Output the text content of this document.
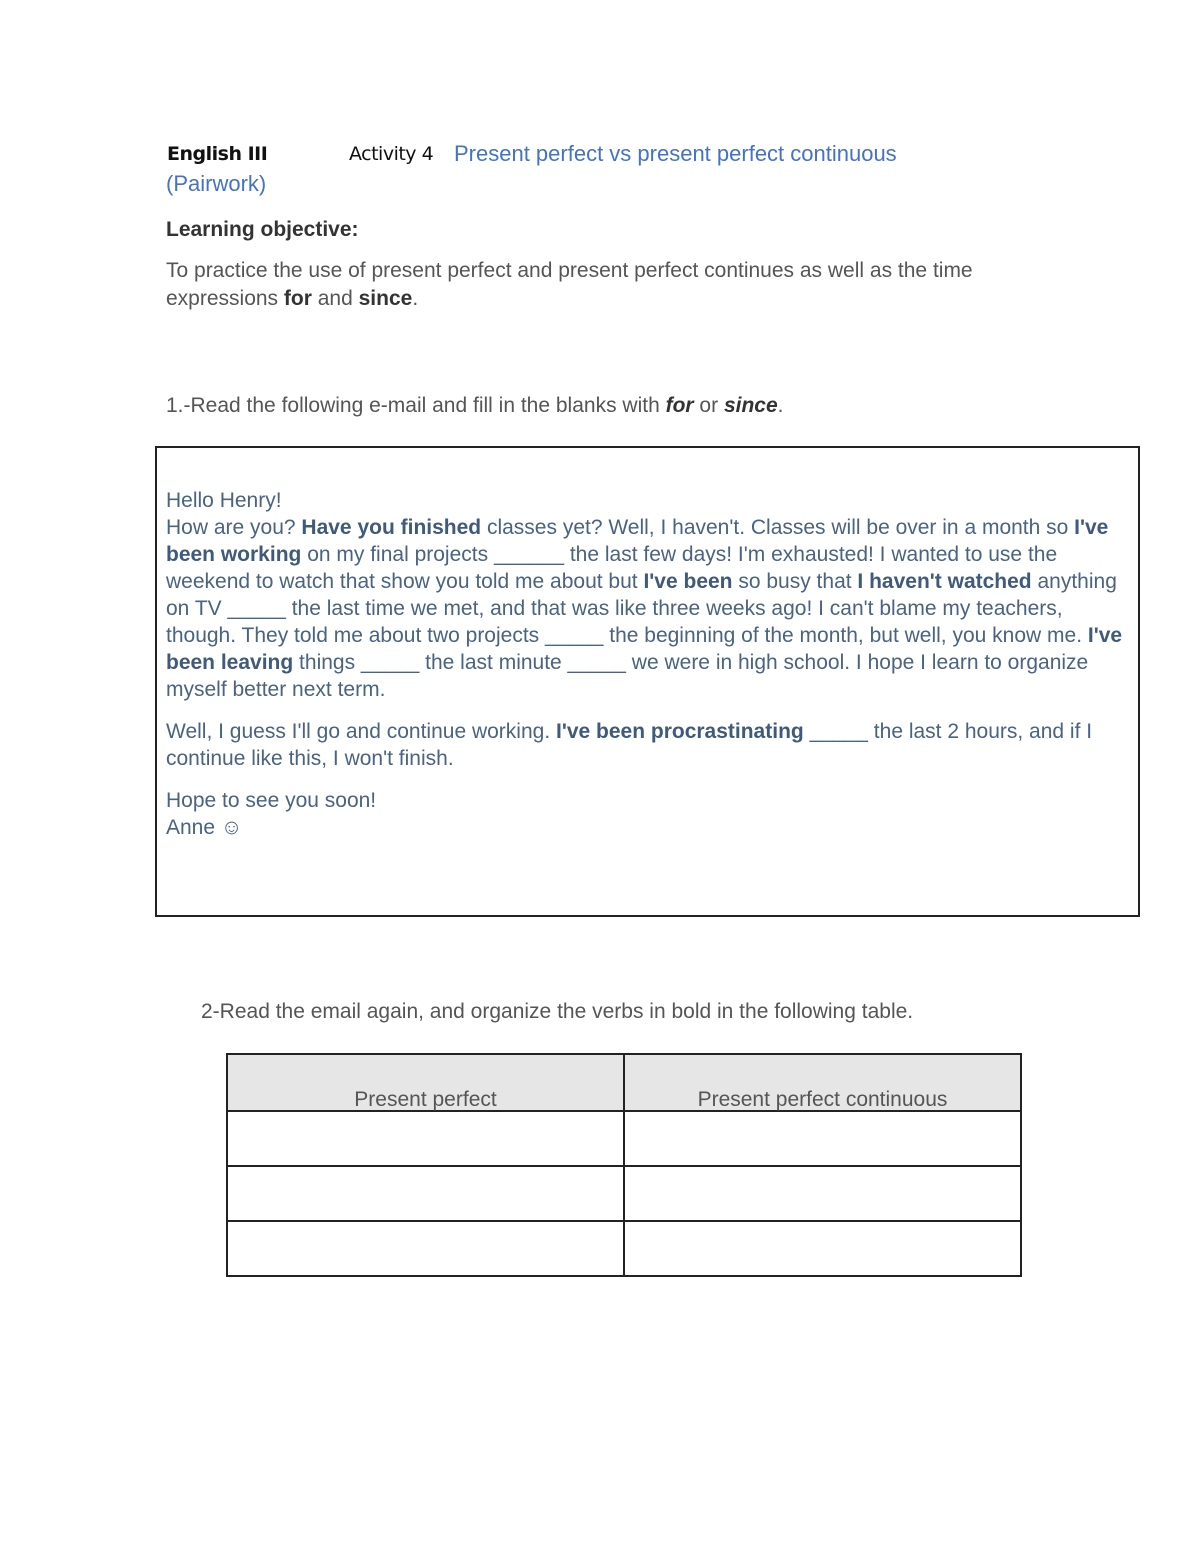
English III	Activity 4 Present perfect vs present perfect continuous
(Pairwork)
Learning objective:
To practice the use of present perfect and present perfect continues as well as the time expressions for and since.
1.-Read the following e-mail and fill in the blanks with for or since.

Hello Henry!
How are you? Have you finished classes yet? Well, I haven't. Classes will be over in a month so I've been working on my final projects ______ the last few days! I'm exhausted! I wanted to use the weekend to watch that show you told me about but I've been so busy that I haven't watched anything on TV _____ the last time we met, and that was like three weeks ago! I can't blame my teachers, though. They told me about two projects _____ the beginning of the month, but well, you know me. I've been leaving things _____ the last minute _____ we were in high school. I hope I learn to organize myself better next term.

Well, I guess I'll go and continue working. I've been procrastinating _____ the last 2 hours, and if I continue like this, I won't finish.

Hope to see you soon!
Anne ☺

2-Read the email again, and organize the verbs in bold in the following table.
Present perfect	Present perfect continuous
